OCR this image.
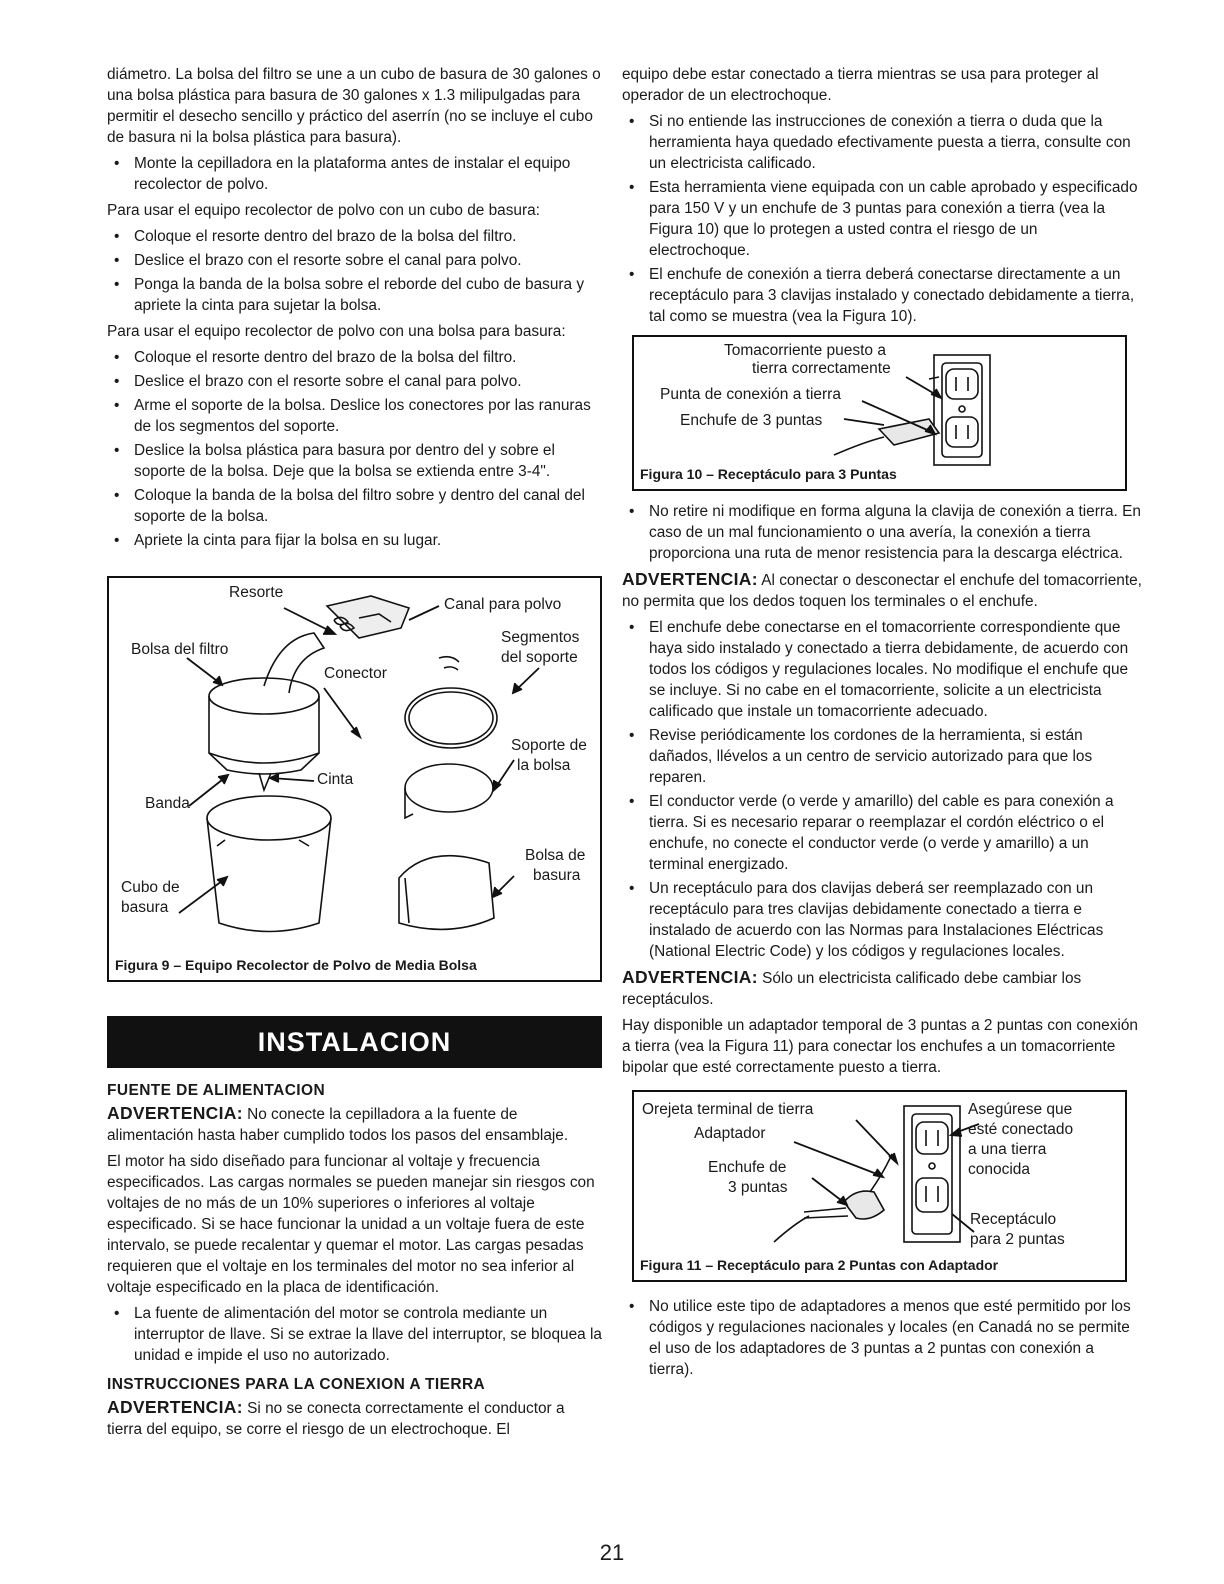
diámetro. La bolsa del filtro se une a un cubo de basura de 30 galones o una bolsa plástica para basura de 30 galones x 1.3 milipulgadas para permitir el desecho sencillo y práctico del aserrín (no se incluye el cubo de basura ni la bolsa plástica para basura).

• Monte la cepilladora en la plataforma antes de instalar el equipo recolector de polvo.

Para usar el equipo recolector de polvo con un cubo de basura:

• Coloque el resorte dentro del brazo de la bolsa del filtro.
• Deslice el brazo con el resorte sobre el canal para polvo.
• Ponga la banda de la bolsa sobre el reborde del cubo de basura y apriete la cinta para sujetar la bolsa.

Para usar el equipo recolector de polvo con una bolsa para basura:

• Coloque el resorte dentro del brazo de la bolsa del filtro.
• Deslice el brazo con el resorte sobre el canal para polvo.
• Arme el soporte de la bolsa. Deslice los conectores por las ranuras de los segmentos del soporte.
• Deslice la bolsa plástica para basura por dentro del y sobre el soporte de la bolsa. Deje que la bolsa se extienda entre 3-4".
• Coloque la banda de la bolsa del filtro sobre y dentro del canal del soporte de la bolsa.
• Apriete la cinta para fijar la bolsa en su lugar.
Resorte
Canal para polvo
Bolsa del filtro
Segmentos
del soporte
Conector
Soporte de
la bolsa
Cinta
Banda
Bolsa de
basura
Cubo de
basura
Figura 9 – Equipo Recolector de Polvo de Media Bolsa
INSTALACION
FUENTE DE ALIMENTACION

ADVERTENCIA: No conecte la cepilladora a la fuente de alimentación hasta haber cumplido todos los pasos del ensamblaje.

El motor ha sido diseñado para funcionar al voltaje y frecuencia especificados. Las cargas normales se pueden manejar sin riesgos con voltajes de no más de un 10% superiores o inferiores al voltaje especificado. Si se hace funcionar la unidad a un voltaje fuera de este intervalo, se puede recalentar y quemar el motor. Las cargas pesadas requieren que el voltaje en los terminales del motor no sea inferior al voltaje especificado en la placa de identificación.

• La fuente de alimentación del motor se controla mediante un interruptor de llave. Si se extrae la llave del interruptor, se bloquea la unidad e impide el uso no autorizado.
INSTRUCCIONES PARA LA CONEXION A TIERRA

ADVERTENCIA: Si no se conecta correctamente el conductor a tierra del equipo, se corre el riesgo de un electrochoque. El

equipo debe estar conectado a tierra mientras se usa para proteger al operador de un electrochoque.

• Si no entiende las instrucciones de conexión a tierra o duda que la herramienta haya quedado efectivamente puesta a tierra, consulte con un electricista calificado.
• Esta herramienta viene equipada con un cable aprobado y especificado para 150 V y un enchufe de 3 puntas para conexión a tierra (vea la Figura 10) que lo protegen a usted contra el riesgo de un electrochoque.
• El enchufe de conexión a tierra deberá conectarse directamente a un receptáculo para 3 clavijas instalado y conectado debidamente a tierra, tal como se muestra (vea la Figura 10).
Tomacorriente puesto a
tierra correctamente
Punta de conexión a tierra
Enchufe de 3 puntas
Figura 10 – Receptáculo para 3 Puntas
• No retire ni modifique en forma alguna la clavija de conexión a tierra. En caso de un mal funcionamiento o una avería, la conexión a tierra proporciona una ruta de menor resistencia para la descarga eléctrica.

ADVERTENCIA: Al conectar o desconectar el enchufe del tomacorriente, no permita que los dedos toquen los terminales o el enchufe.

• El enchufe debe conectarse en el tomacorriente correspondiente que haya sido instalado y conectado a tierra debidamente, de acuerdo con todos los códigos y regulaciones locales. No modifique el enchufe que se incluye. Si no cabe en el tomacorriente, solicite a un electricista calificado que instale un tomacorriente adecuado.
• Revise periódicamente los cordones de la herramienta, si están dañados, llévelos a un centro de servicio autorizado para que los reparen.
• El conductor verde (o verde y amarillo) del cable es para conexión a tierra. Si es necesario reparar o reemplazar el cordón eléctrico o el enchufe, no conecte el conductor verde (o verde y amarillo) a un terminal energizado.
• Un receptáculo para dos clavijas deberá ser reemplazado con un receptáculo para tres clavijas debidamente conectado a tierra e instalado de acuerdo con las Normas para Instalaciones Eléctricas (National Electric Code) y los códigos y regulaciones locales.

ADVERTENCIA: Sólo un electricista calificado debe cambiar los receptáculos.

Hay disponible un adaptador temporal de 3 puntas a 2 puntas con conexión a tierra (vea la Figura 11) para conectar los enchufes a un tomacorriente bipolar que esté correctamente puesto a tierra.

Orejeta terminal de tierra
Adaptador
Enchufe de
3 puntas
Asegúrese que
esté conectado
a una tierra
conocida
Receptáculo
para 2 puntas
Figura 11 – Receptáculo para 2 Puntas con Adaptador
• No utilice este tipo de adaptadores a menos que esté permitido por los códigos y regulaciones nacionales y locales (en Canadá no se permite el uso de los adaptadores de 3 puntas a 2 puntas con conexión a tierra).
21
